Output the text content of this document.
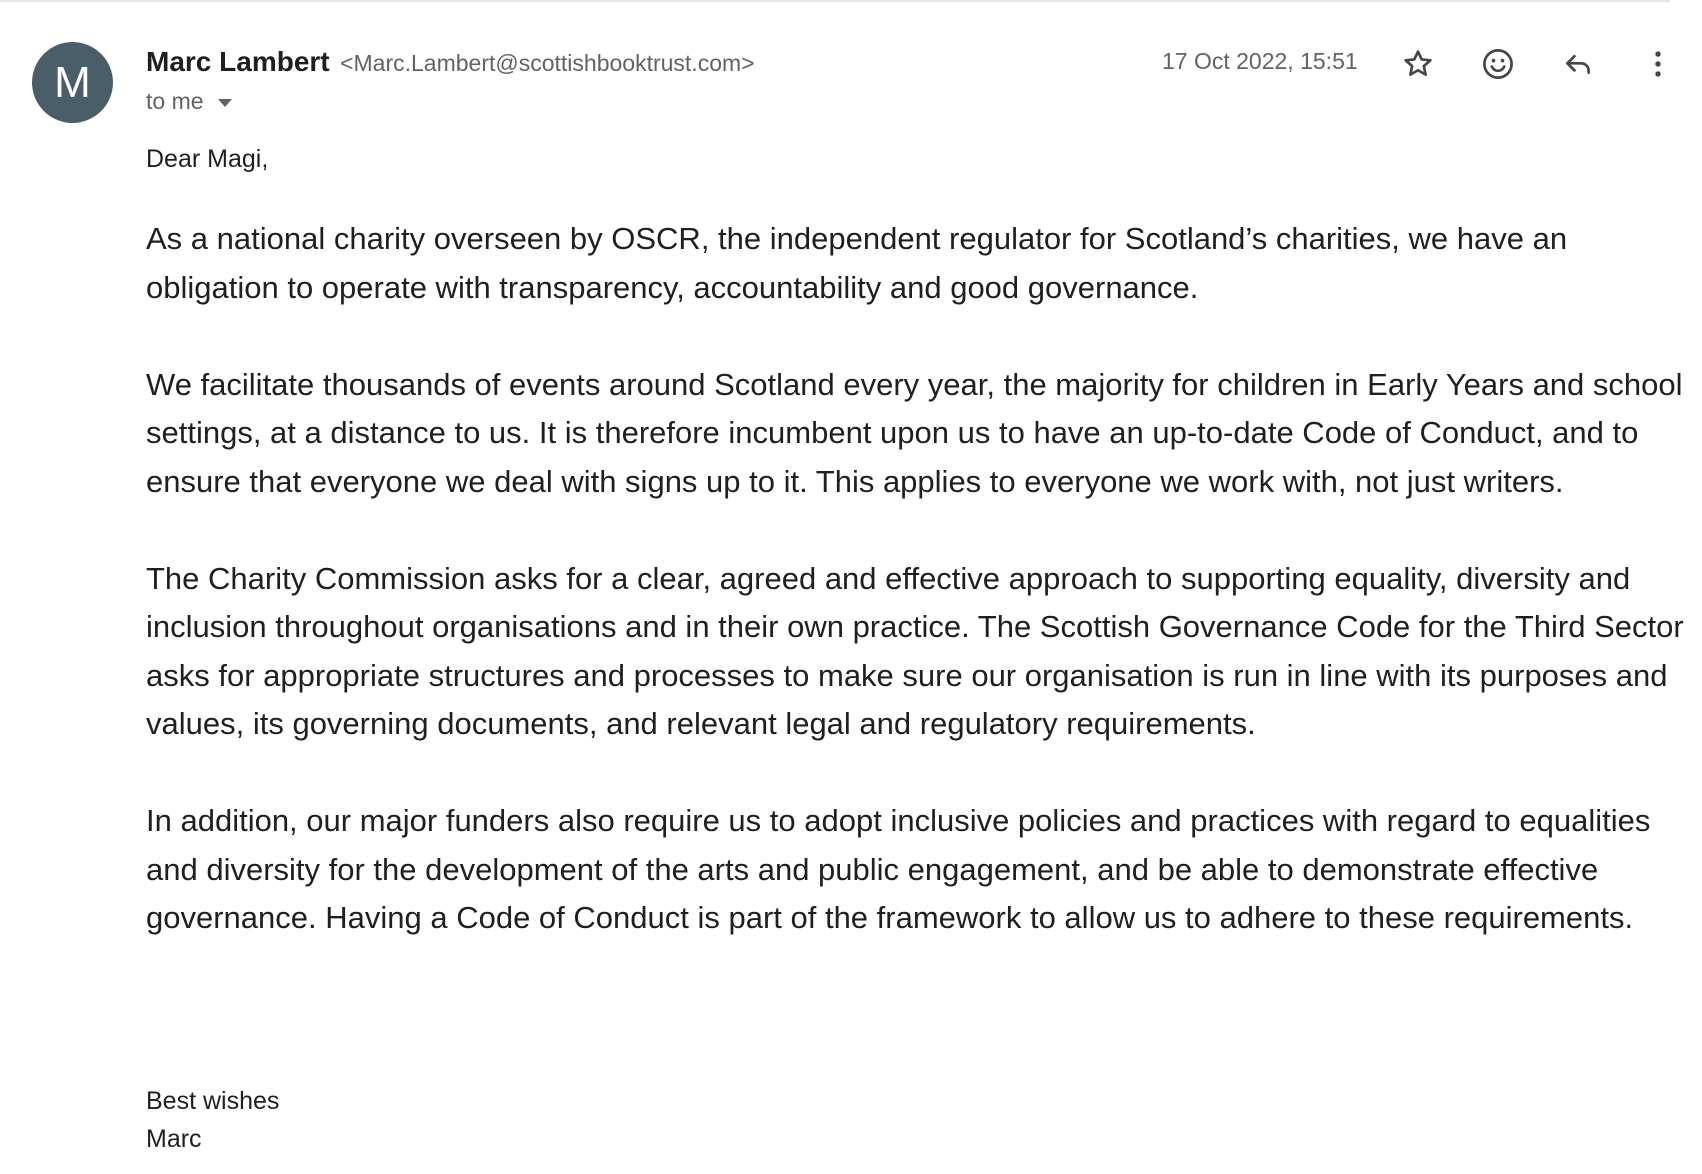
M	Marc Lambert <Marc.Lambert@scottishbooktrust.com>
to me
17 Oct 2022, 15:51
Dear Magi,

As a national charity overseen by OSCR, the independent regulator for Scotland’s charities, we have an obligation to operate with transparency, accountability and good governance.

We facilitate thousands of events around Scotland every year, the majority for children in Early Years and school settings, at a distance to us. It is therefore incumbent upon us to have an up-to-date Code of Conduct, and to ensure that everyone we deal with signs up to it. This applies to everyone we work with, not just writers.

The Charity Commission asks for a clear, agreed and effective approach to supporting equality, diversity and inclusion throughout organisations and in their own practice. The Scottish Governance Code for the Third Sector asks for appropriate structures and processes to make sure our organisation is run in line with its purposes and values, its governing documents, and relevant legal and regulatory requirements.

In addition, our major funders also require us to adopt inclusive policies and practices with regard to equalities and diversity for the development of the arts and public engagement, and be able to demonstrate effective governance. Having a Code of Conduct is part of the framework to allow us to adhere to these requirements.

Best wishes
Marc
